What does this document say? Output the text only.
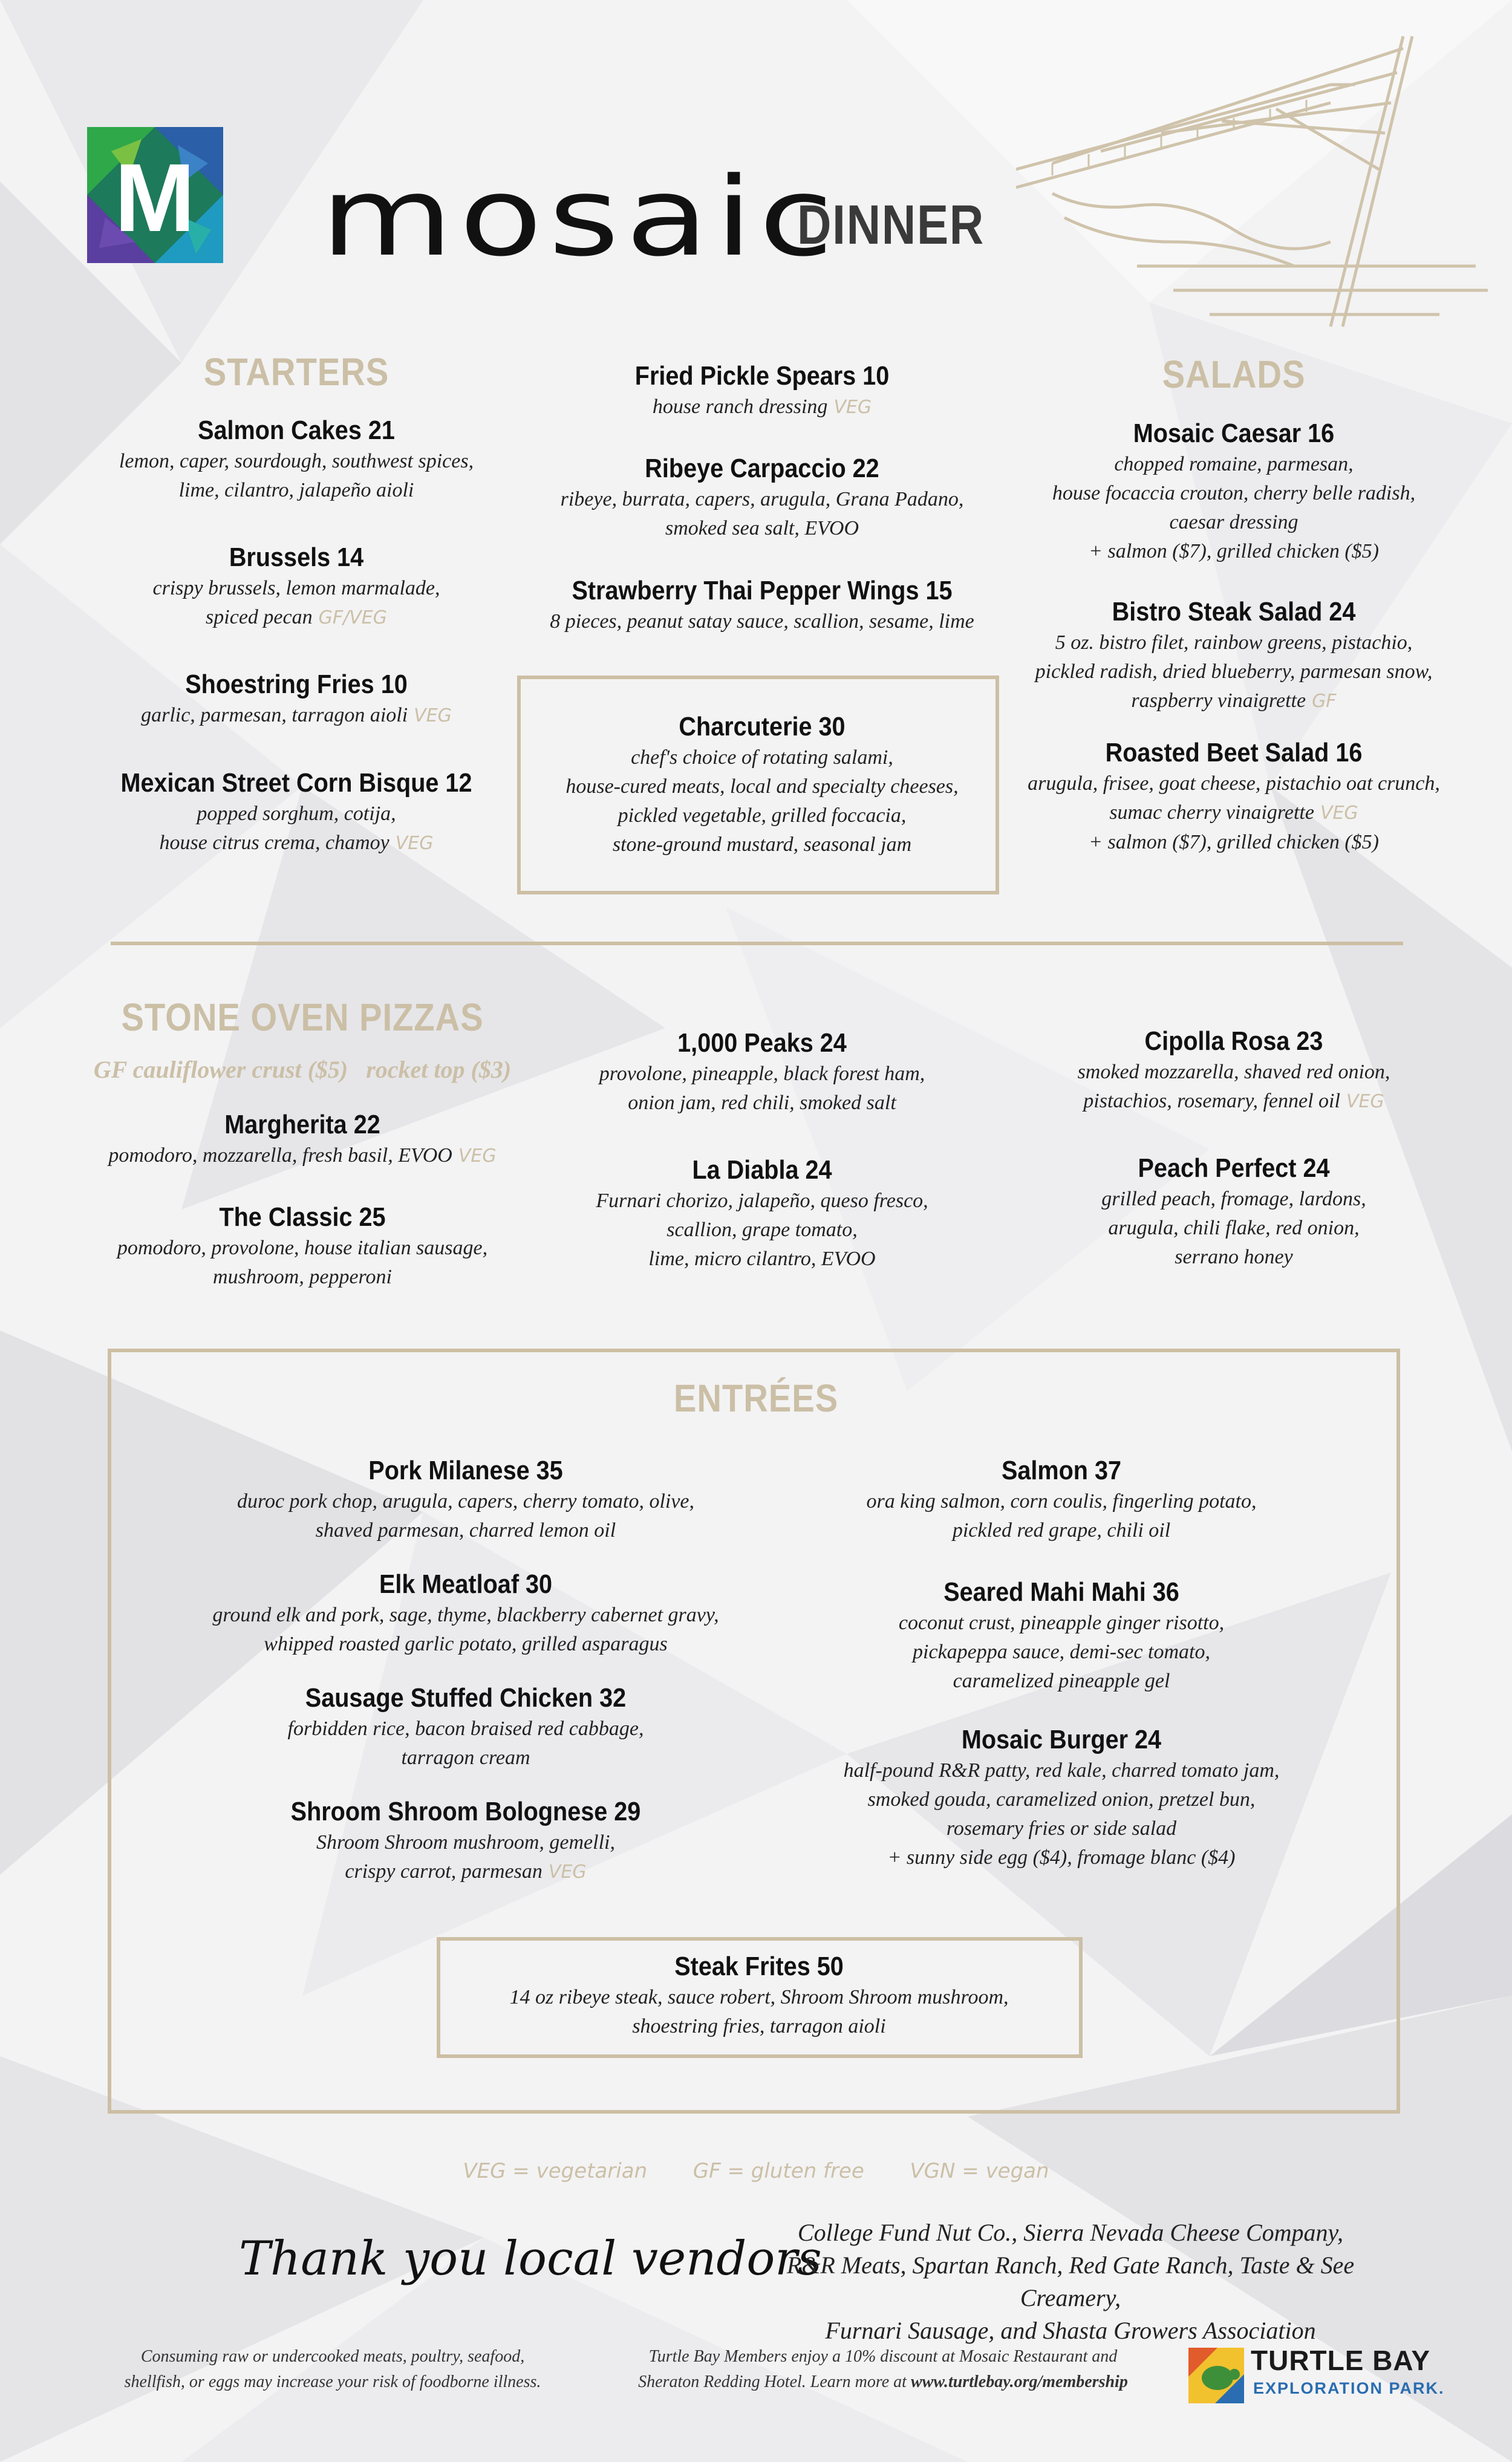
M mosaic
DINNER
STARTERS
Salmon Cakes 21
lemon, caper, sourdough, southwest spices,
lime, cilantro, jalapeño aioli
Brussels 14
crispy brussels, lemon marmalade,
spiced pecan GF/VEG
Shoestring Fries 10
garlic, parmesan, tarragon aioli VEG
Mexican Street Corn Bisque 12
popped sorghum, cotija,
house citrus crema, chamoy VEG
Fried Pickle Spears 10
house ranch dressing VEG
Ribeye Carpaccio 22
ribeye, burrata, capers, arugula, Grana Padano,
smoked sea salt, EVOO
Strawberry Thai Pepper Wings 15
8 pieces, peanut satay sauce, scallion, sesame, lime
Charcuterie 30
chef's choice of rotating salami,
house-cured meats, local and specialty cheeses,
pickled vegetable, grilled foccacia,
stone-ground mustard, seasonal jam
SALADS
Mosaic Caesar 16
chopped romaine, parmesan,
house focaccia crouton, cherry belle radish,
caesar dressing
+ salmon ($7), grilled chicken ($5)
Bistro Steak Salad 24
5 oz. bistro filet, rainbow greens, pistachio,
pickled radish, dried blueberry, parmesan snow,
raspberry vinaigrette GF
Roasted Beet Salad 16
arugula, frisee, goat cheese, pistachio oat crunch,
sumac cherry vinaigrette VEG
+ salmon ($7), grilled chicken ($5)
STONE OVEN PIZZAS
GF cauliflower crust ($5) rocket top ($3)
Margherita 22
pomodoro, mozzarella, fresh basil, EVOO VEG
The Classic 25
pomodoro, provolone, house italian sausage,
mushroom, pepperoni
1,000 Peaks 24
provolone, pineapple, black forest ham,
onion jam, red chili, smoked salt
La Diabla 24
Furnari chorizo, jalapeño, queso fresco,
scallion, grape tomato,
lime, micro cilantro, EVOO
Cipolla Rosa 23
smoked mozzarella, shaved red onion,
pistachios, rosemary, fennel oil VEG
Peach Perfect 24
grilled peach, fromage, lardons,
arugula, chili flake, red onion,
serrano honey
ENTRÉES
Pork Milanese 35
duroc pork chop, arugula, capers, cherry tomato, olive,
shaved parmesan, charred lemon oil
Elk Meatloaf 30
ground elk and pork, sage, thyme, blackberry cabernet gravy,
whipped roasted garlic potato, grilled asparagus
Sausage Stuffed Chicken 32
forbidden rice, bacon braised red cabbage,
tarragon cream
Shroom Shroom Bolognese 29
Shroom Shroom mushroom, gemelli,
crispy carrot, parmesan VEG
Salmon 37
ora king salmon, corn coulis, fingerling potato,
pickled red grape, chili oil
Seared Mahi Mahi 36
coconut crust, pineapple ginger risotto,
pickapeppa sauce, demi-sec tomato,
caramelized pineapple gel
Mosaic Burger 24
half-pound R&R patty, red kale, charred tomato jam,
smoked gouda, caramelized onion, pretzel bun,
rosemary fries or side salad
+ sunny side egg ($4), fromage blanc ($4)
Steak Frites 50
14 oz ribeye steak, sauce robert, Shroom Shroom mushroom,
shoestring fries, tarragon aioli
VEG = vegetarian GF = gluten free VGN = vegan
Thank you local vendors
College Fund Nut Co., Sierra Nevada Cheese Company,
R&R Meats, Spartan Ranch, Red Gate Ranch, Taste & See Creamery,
Furnari Sausage, and Shasta Growers Association
Consuming raw or undercooked meats, poultry, seafood,
shellfish, or eggs may increase your risk of foodborne illness.
Turtle Bay Members enjoy a 10% discount at Mosaic Restaurant and
Sheraton Redding Hotel. Learn more at www.turtlebay.org/membership
TURTLE BAY
EXPLORATION PARK.
